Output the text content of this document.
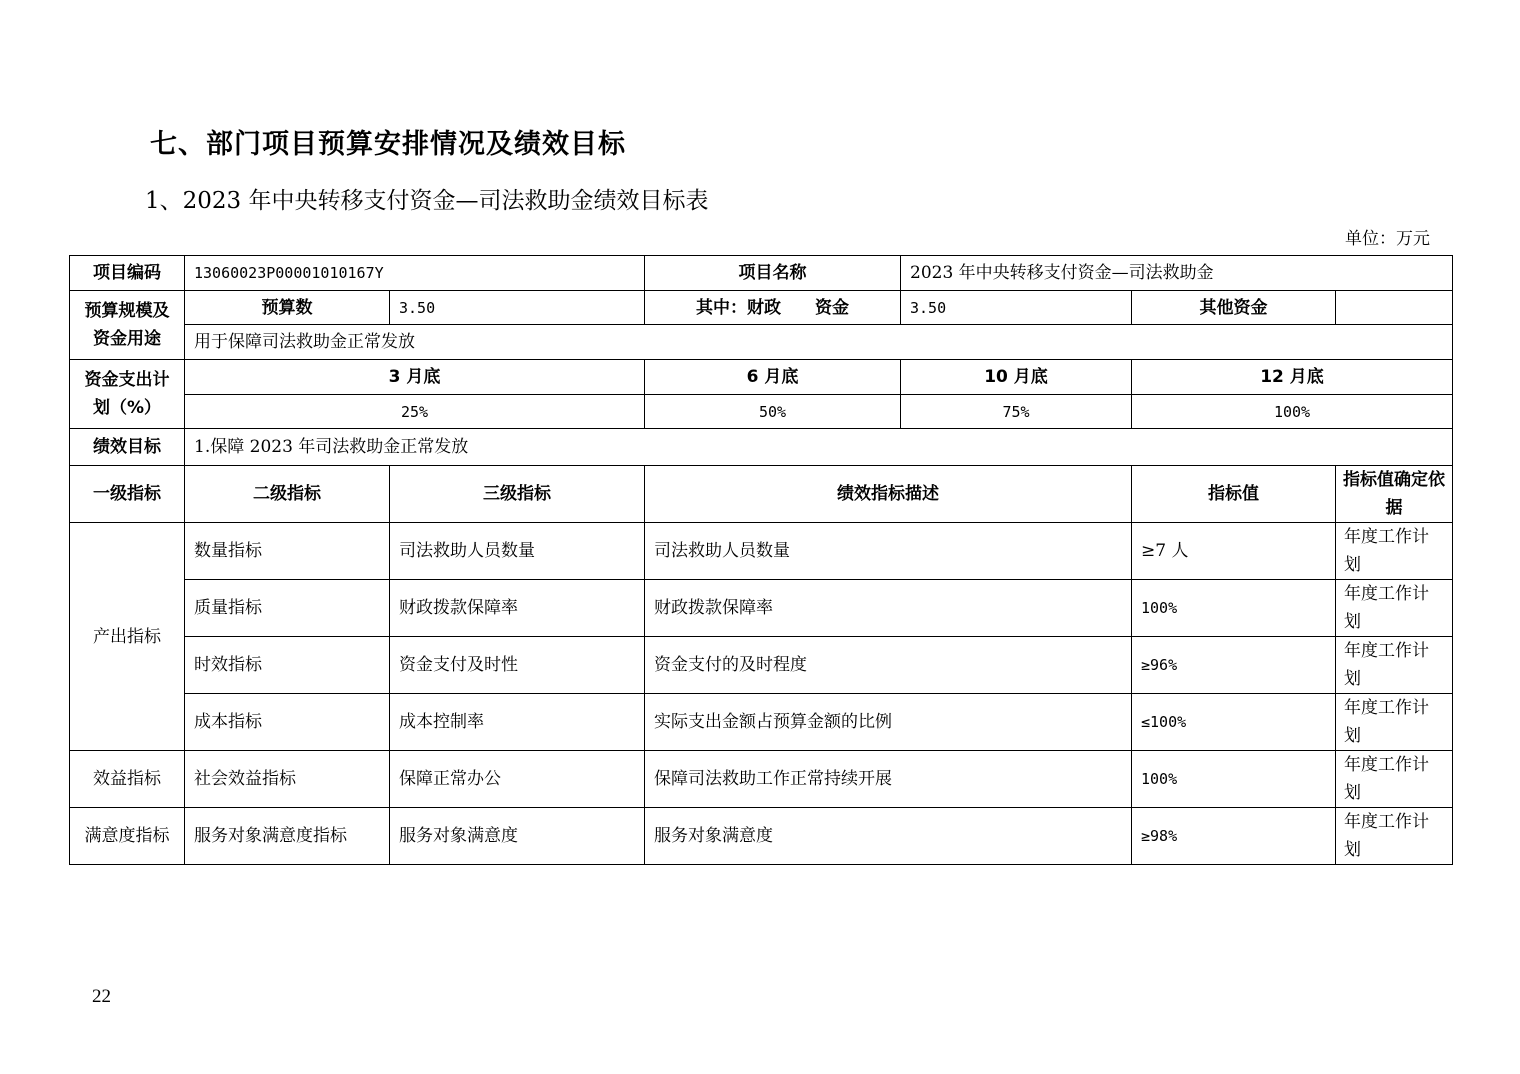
七、部门项目预算安排情况及绩效目标
1、2023 年中央转移支付资金—司法救助金绩效目标表
单位：万元
项目编码	13060023P00001010167Y		项目名称	2023 年中央转移支付资金—司法救助金		
预算规模及资金用途	预算数	3.50	其中：财政　　资金	3.50	其他资金	
	用于保障司法救助金正常发放					
资金支出计划（%）	3 月底		6 月底	10 月底	12 月底	
	25%		50%	75%	100%	
绩效目标	1.保障 2023 年司法救助金正常发放					
一级指标	二级指标	三级指标	绩效指标描述		指标值	指标值确定依据
产出指标	数量指标	司法救助人员数量	司法救助人员数量		≥7 人	年度工作计划
	质量指标	财政拨款保障率	财政拨款保障率		100%	年度工作计划
	时效指标	资金支付及时性	资金支付的及时程度		≥96%	年度工作计划
	成本指标	成本控制率	实际支出金额占预算金额的比例		≤100%	年度工作计划
效益指标	社会效益指标	保障正常办公	保障司法救助工作正常持续开展		100%	年度工作计划
满意度指标	服务对象满意度指标	服务对象满意度	服务对象满意度		≥98%	年度工作计划
22
